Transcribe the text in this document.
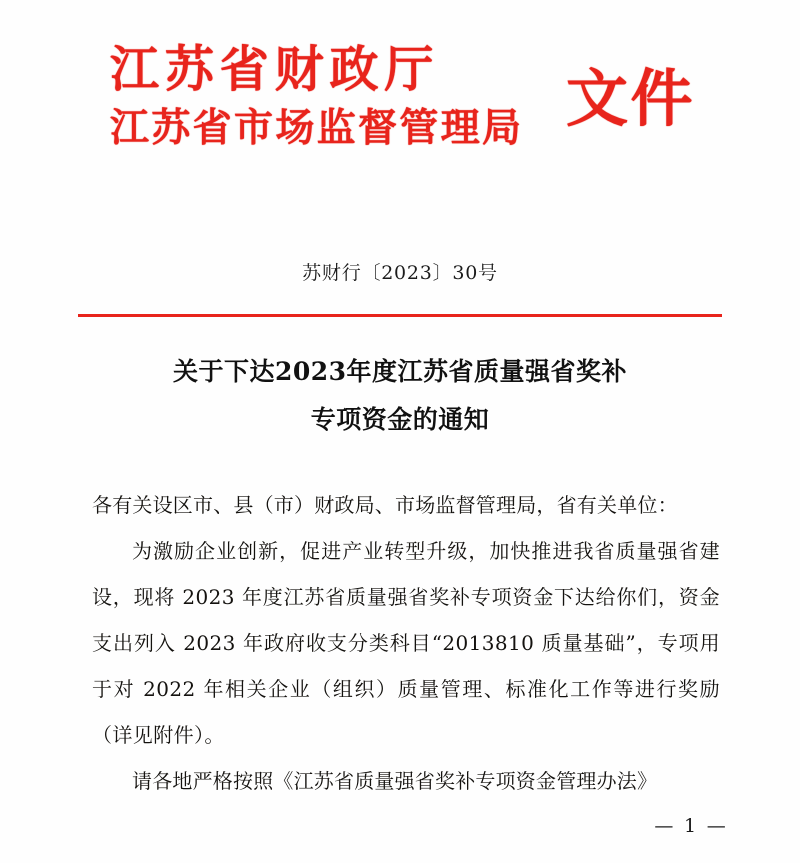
江苏省财政厅
江苏省市场监督管理局 文件
苏财行〔2023〕30号
关于下达2023年度江苏省质量强省奖补
专项资金的通知

各有关设区市、县（市）财政局、市场监督管理局，省有关单位：

为激励企业创新，促进产业转型升级，加快推进我省质量强省建设，现将 2023 年度江苏省质量强省奖补专项资金下达给你们，资金支出列入 2023 年政府收支分类科目“2013810 质量基础”，专项用于对 2022 年相关企业（组织）质量管理、标准化工作等进行奖励（详见附件）。

请各地严格按照《江苏省质量强省奖补专项资金管理办法》

— 1 —
